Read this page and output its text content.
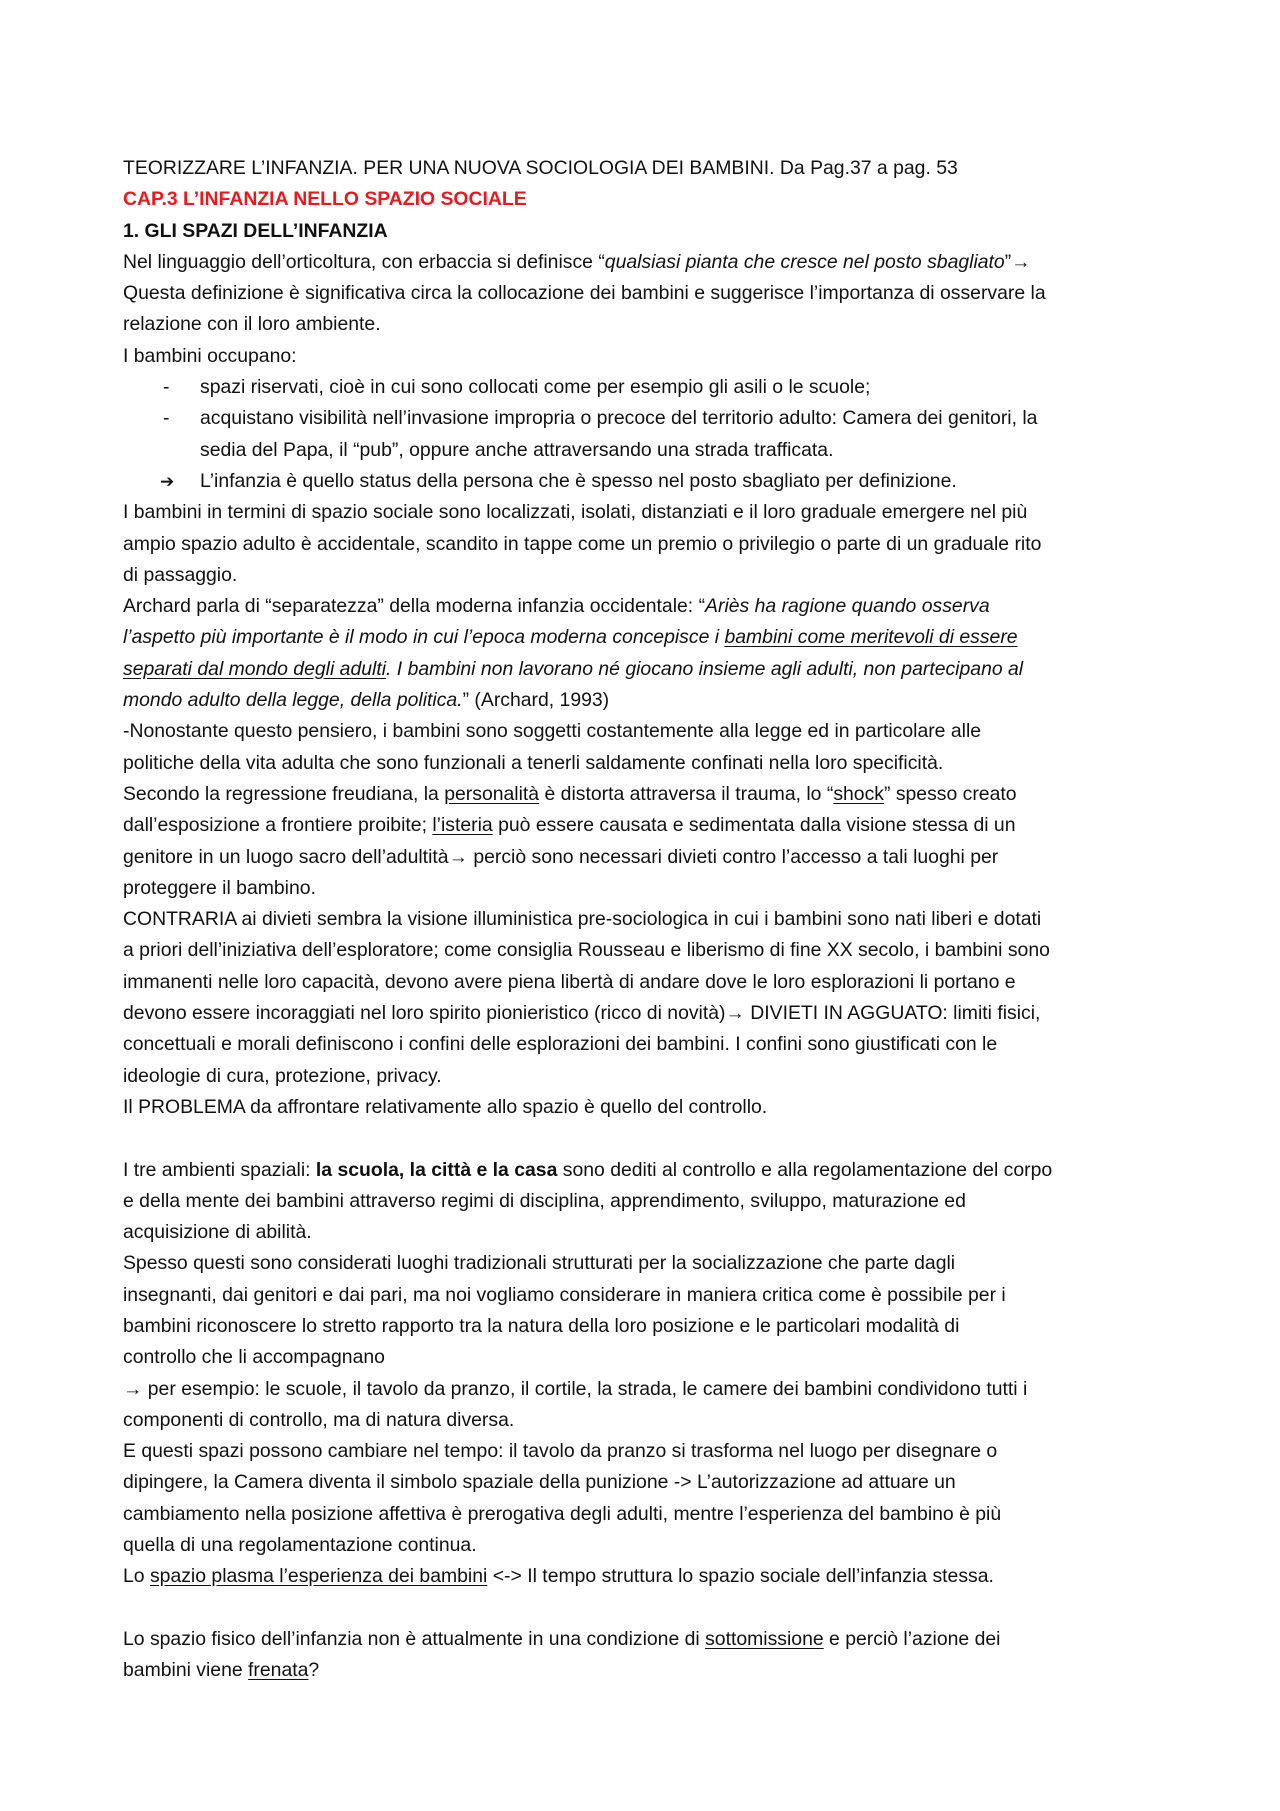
TEORIZZARE L’INFANZIA. PER UNA NUOVA SOCIOLOGIA DEI BAMBINI. Da Pag.37 a pag. 53
CAP.3 L’INFANZIA NELLO SPAZIO SOCIALE
1. GLI SPAZI DELL’INFANZIA
Nel linguaggio dell’orticoltura, con erbaccia si definisce “qualsiasi pianta che cresce nel posto sbagliato”→
Questa definizione è significativa circa la collocazione dei bambini e suggerisce l’importanza di osservare la
relazione con il loro ambiente.
I bambini occupano:
- spazi riservati, cioè in cui sono collocati come per esempio gli asili o le scuole;
- acquistano visibilità nell’invasione impropria o precoce del territorio adulto: Camera dei genitori, la
sedia del Papa, il “pub”, oppure anche attraversando una strada trafficata.
➔ L’infanzia è quello status della persona che è spesso nel posto sbagliato per definizione.
I bambini in termini di spazio sociale sono localizzati, isolati, distanziati e il loro graduale emergere nel più
ampio spazio adulto è accidentale, scandito in tappe come un premio o privilegio o parte di un graduale rito
di passaggio.
Archard parla di “separatezza” della moderna infanzia occidentale: “Ariès ha ragione quando osserva
l’aspetto più importante è il modo in cui l’epoca moderna concepisce i bambini come meritevoli di essere
separati dal mondo degli adulti. I bambini non lavorano né giocano insieme agli adulti, non partecipano al
mondo adulto della legge, della politica.” (Archard, 1993)
-Nonostante questo pensiero, i bambini sono soggetti costantemente alla legge ed in particolare alle
politiche della vita adulta che sono funzionali a tenerli saldamente confinati nella loro specificità.
Secondo la regressione freudiana, la personalità è distorta attraversa il trauma, lo “shock” spesso creato
dall’esposizione a frontiere proibite; l’isteria può essere causata e sedimentata dalla visione stessa di un
genitore in un luogo sacro dell’adultità→ perciò sono necessari divieti contro l’accesso a tali luoghi per
proteggere il bambino.
CONTRARIA ai divieti sembra la visione illuministica pre-sociologica in cui i bambini sono nati liberi e dotati
a priori dell’iniziativa dell’esploratore; come consiglia Rousseau e liberismo di fine XX secolo, i bambini sono
immanenti nelle loro capacità, devono avere piena libertà di andare dove le loro esplorazioni li portano e
devono essere incoraggiati nel loro spirito pionieristico (ricco di novità)→ DIVIETI IN AGGUATO: limiti fisici,
concettuali e morali definiscono i confini delle esplorazioni dei bambini. I confini sono giustificati con le
ideologie di cura, protezione, privacy.
Il PROBLEMA da affrontare relativamente allo spazio è quello del controllo.
I tre ambienti spaziali: la scuola, la città e la casa sono dediti al controllo e alla regolamentazione del corpo
e della mente dei bambini attraverso regimi di disciplina, apprendimento, sviluppo, maturazione ed
acquisizione di abilità.
Spesso questi sono considerati luoghi tradizionali strutturati per la socializzazione che parte dagli
insegnanti, dai genitori e dai pari, ma noi vogliamo considerare in maniera critica come è possibile per i
bambini riconoscere lo stretto rapporto tra la natura della loro posizione e le particolari modalità di
controllo che li accompagnano
→ per esempio: le scuole, il tavolo da pranzo, il cortile, la strada, le camere dei bambini condividono tutti i
componenti di controllo, ma di natura diversa.
E questi spazi possono cambiare nel tempo: il tavolo da pranzo si trasforma nel luogo per disegnare o
dipingere, la Camera diventa il simbolo spaziale della punizione -> L’autorizzazione ad attuare un
cambiamento nella posizione affettiva è prerogativa degli adulti, mentre l’esperienza del bambino è più
quella di una regolamentazione continua.
Lo spazio plasma l’esperienza dei bambini <-> Il tempo struttura lo spazio sociale dell’infanzia stessa.
Lo spazio fisico dell’infanzia non è attualmente in una condizione di sottomissione e perciò l’azione dei
bambini viene frenata?
